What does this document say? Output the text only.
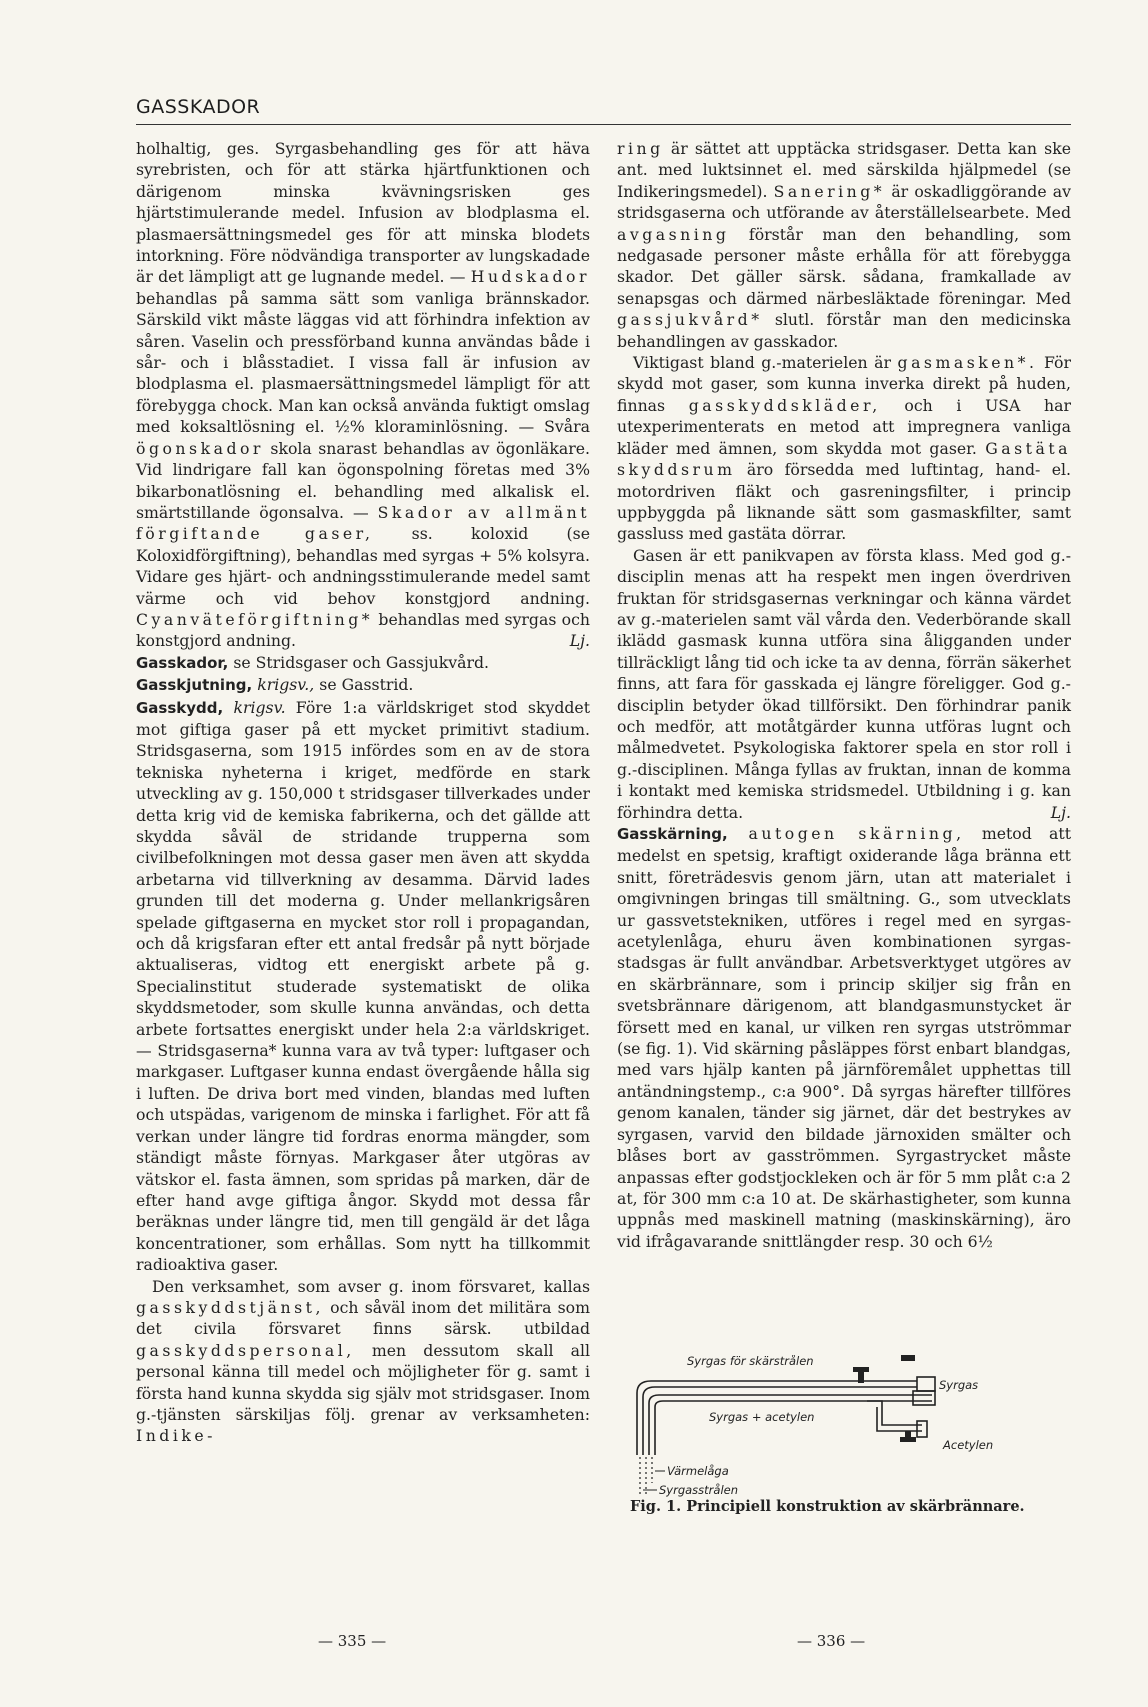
GASSKADOR

holhaltig, ges. Syrgasbehandling ges för att häva syrebristen, och för att stärka hjärtfunktionen och därigenom minska kvävningsrisken ges hjärtstimulerande medel. Infusion av blodplasma el. plasmaersättningsmedel ges för att minska blodets intorkning. Före nödvändiga transporter av lungskadade är det lämpligt att ge lugnande medel. — Hudskador behandlas på samma sätt som vanliga brännskador. Särskild vikt måste läggas vid att förhindra infektion av såren. Vaselin och pressförband kunna användas både i sår- och i blåsstadiet. I vissa fall är infusion av blodplasma el. plasmaersättningsmedel lämpligt för att förebygga chock. Man kan också använda fuktigt omslag med koksaltlösning el. ½% kloraminlösning. — Svåra ögonskador skola snarast behandlas av ögonläkare. Vid lindrigare fall kan ögonspolning företas med 3% bikarbonatlösning el. behandling med alkalisk el. smärtstillande ögonsalva. — Skador av allmänt förgiftande gaser, ss. koloxid (se Koloxidförgiftning), behandlas med syrgas + 5% kolsyra. Vidare ges hjärt- och andningsstimulerande medel samt värme och vid behov konstgjord andning. Cyanväteförgiftning* behandlas med syrgas och konstgjord andning.	Lj.

Gasskador, se Stridsgaser och Gassjukvård.

Gasskjutning, krigsv., se Gasstrid.

Gasskydd, krigsv. Före 1:a världskriget stod skyddet mot giftiga gaser på ett mycket primitivt stadium. Stridsgaserna, som 1915 infördes som en av de stora tekniska nyheterna i kriget, medförde en stark utveckling av g. 150,000 t stridsgaser tillverkades under detta krig vid de kemiska fabrikerna, och det gällde att skydda såväl de stridande trupperna som civilbefolkningen mot dessa gaser men även att skydda arbetarna vid tillverkning av desamma. Därvid lades grunden till det moderna g. Under mellankrigsåren spelade giftgaserna en mycket stor roll i propagandan, och då krigsfaran efter ett antal fredsår på nytt började aktualiseras, vidtog ett energiskt arbete på g. Specialinstitut studerade systematiskt de olika skyddsmetoder, som skulle kunna användas, och detta arbete fortsattes energiskt under hela 2:a världskriget. — Stridsgaserna* kunna vara av två typer: luftgaser och markgaser. Luftgaser kunna endast övergående hålla sig i luften. De driva bort med vinden, blandas med luften och utspädas, varigenom de minska i farlighet. För att få verkan under längre tid fordras enorma mängder, som ständigt måste förnyas. Markgaser åter utgöras av vätskor el. fasta ämnen, som spridas på marken, där de efter hand avge giftiga ångor. Skydd mot dessa får beräknas under längre tid, men till gengäld är det låga koncentrationer, som erhållas. Som nytt ha tillkommit radioaktiva gaser.

Den verksamhet, som avser g. inom försvaret, kallas gasskyddstjänst, och såväl inom det militära som det civila försvaret finns särsk. utbildad gasskyddspersonal, men dessutom skall all personal känna till medel och möjligheter för g. samt i första hand kunna skydda sig själv mot stridsgaser. Inom g.-tjänsten särskiljas följ. grenar av verksamheten: Indike-

ring är sättet att upptäcka stridsgaser. Detta kan ske ant. med luktsinnet el. med särskilda hjälpmedel (se Indikeringsmedel). Sanering* är oskadliggörande av stridsgaserna och utförande av återställelsearbete. Med avgasning förstår man den behandling, som nedgasade personer måste erhålla för att förebygga skador. Det gäller särsk. sådana, framkallade av senapsgas och därmed närbesläktade föreningar. Med gassjukvård* slutl. förstår man den medicinska behandlingen av gasskador.

Viktigast bland g.-materielen är gasmasken*. För skydd mot gaser, som kunna inverka direkt på huden, finnas gasskyddskläder, och i USA har utexperimenterats en metod att impregnera vanliga kläder med ämnen, som skydda mot gaser. Gastäta skyddsrum äro försedda med luftintag, hand- el. motordriven fläkt och gasreningsfilter, i princip uppbyggda på liknande sätt som gasmaskfilter, samt gassluss med gastäta dörrar.

Gasen är ett panikvapen av första klass. Med god g.-disciplin menas att ha respekt men ingen överdriven fruktan för stridsgasernas verkningar och känna värdet av g.-materielen samt väl vårda den. Vederbörande skall iklädd gasmask kunna utföra sina åligganden under tillräckligt lång tid och icke ta av denna, förrän säkerhet finns, att fara för gasskada ej längre föreligger. God g.-disciplin betyder ökad tillförsikt. Den förhindrar panik och medför, att motåtgärder kunna utföras lugnt och målmedvetet. Psykologiska faktorer spela en stor roll i g.-disciplinen. Många fyllas av fruktan, innan de komma i kontakt med kemiska stridsmedel. Utbildning i g. kan förhindra detta.	Lj.

Gasskärning, autogen skärning, metod att medelst en spetsig, kraftigt oxiderande låga bränna ett snitt, företrädesvis genom järn, utan att materialet i omgivningen bringas till smältning. G., som utvecklats ur gassvetstekniken, utföres i regel med en syrgas-acetylenlåga, ehuru även kombinationen syrgas-stadsgas är fullt användbar. Arbetsverktyget utgöres av en skärbrännare, som i princip skiljer sig från en svetsbrännare därigenom, att blandgasmunstycket är försett med en kanal, ur vilken ren syrgas utströmmar (se fig. 1). Vid skärning påsläppes först enbart blandgas, med vars hjälp kanten på järnföremålet upphettas till antändningstemp., c:a 900°. Då syrgas härefter tillföres genom kanalen, tänder sig järnet, där det bestrykes av syrgasen, varvid den bildade järnoxiden smälter och blåses bort av gasströmmen. Syrgastrycket måste anpassas efter godstjockleken och är för 5 mm plåt c:a 2 at, för 300 mm c:a 10 at. De skärhastigheter, som kunna uppnås med maskinell matning (maskinskärning), äro vid ifrågavarande snittlängder resp. 30 och 6½

Syrgas för skärstrålen
Syrgas
Syrgas + acetylen
Acetylen
Värmelåga
Syrgasstrålen
Fig. 1. Principiell konstruktion av skärbrännare.
— 335 —	— 336 —
